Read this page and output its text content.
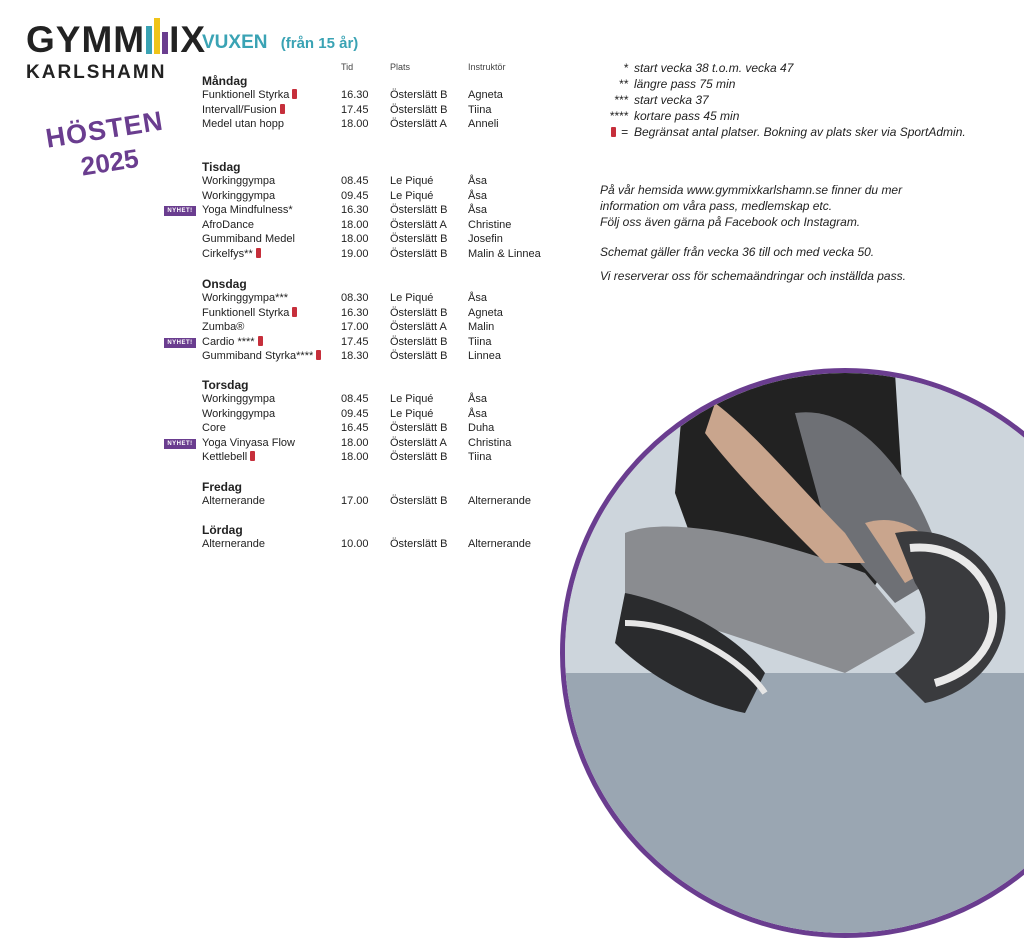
GYM M IX
KARLSHAMN
HÖSTEN
2025
VUXEN (från 15 år)
Tid	Plats	Instruktör
Måndag
Funktionell Styrka	16.30 Österslätt B Agneta
Intervall/Fusion	17.45 Österslätt B Tiina
Medel utan hopp	18.00 Österslätt A Anneli
Tisdag
Workinggympa	08.45 Le Piqué	Åsa
Workinggympa	09.45 Le Piqué	Åsa
Yoga Mindfulness*	16.30 Österslätt B Åsa
NYHET!
AfroDance	18.00 Österslätt A Christine
Gummiband Medel	18.00 Österslätt B Josefin
Cirkelfys**	19.00 Österslätt B Malin & Linnea
Onsdag
Workinggympa***	08.30 Le Piqué	Åsa
Funktionell Styrka	16.30 Österslätt B Agneta
Zumba®	17.00 Österslätt A Malin
Cardio ****	17.45 Österslätt B Tiina
NYHET!
Gummiband Styrka****	18.30 Österslätt B Linnea
Torsdag
Workinggympa	08.45 Le Piqué	Åsa
Workinggympa	09.45 Le Piqué	Åsa
Core	16.45 Österslätt B Duha
Yoga Vinyasa Flow	18.00 Österslätt A Christina
NYHET!
Kettlebell	18.00 Österslätt B Tiina
Fredag
Alternerande	17.00 Österslätt B Alternerande
Lördag
Alternerande	10.00 Österslätt B Alternerande
* start vecka 38 t.o.m. vecka 47
** längre pass 75 min
*** start vecka 37
**** kortare pass 45 min
= Begränsat antal platser. Bokning av plats sker via SportAdmin.
På vår hemsida www.gymmixkarlshamn.se finner du mer
information om våra pass, medlemskap etc.
Följ oss även gärna på Facebook och Instagram.
Schemat gäller från vecka 36 till och med vecka 50.
Vi reserverar oss för schemaändringar och inställda pass.
